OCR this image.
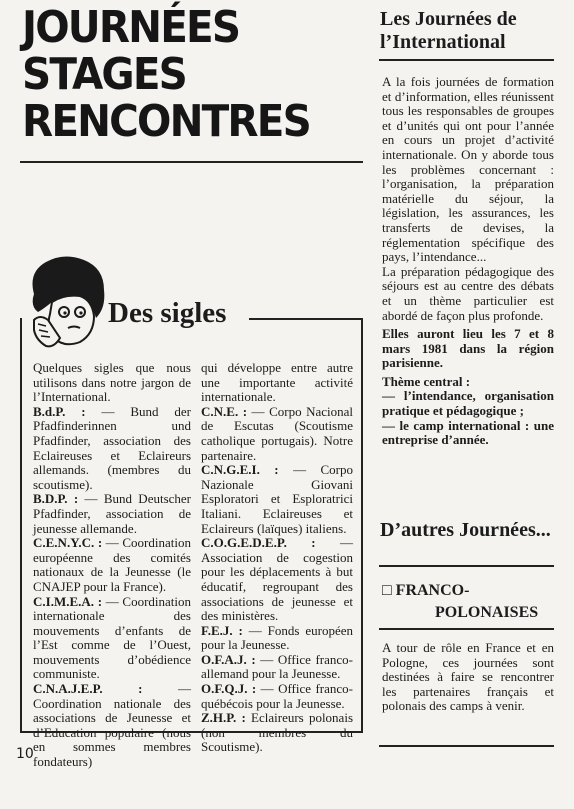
JOURNÉES
STAGES
RENCONTRES
Les Journées de l’International

A la fois journées de formation et d’information, elles réunissent tous les responsables de groupes et d’unités qui ont pour l’année en cours un projet d’activité internationale. On y aborde tous les problèmes concernant : l’organisation, la préparation matérielle du séjour, la législation, les assurances, les transferts de devises, la réglementation spécifique des pays, l’intendance...

La préparation pédagogique des séjours est au centre des débats et un thème particulier est abordé de façon plus profonde.

Elles auront lieu les 7 et 8 mars 1981 dans la région parisienne.

Thème central :

— l’intendance, organisation pratique et pédagogique ;

— le camp international : une entreprise d’année.

Des sigles

Quelques sigles que nous utilisons dans notre jargon de l’International.

B.d.P. : — Bund der Pfadfinderinnen und Pfadfinder, association des Eclaireuses et Eclaireurs allemands. (membres du scoutisme).

B.D.P. : — Bund Deutscher Pfadfinder, association de jeunesse allemande.

C.E.N.Y.C. : — Coordination européenne des comités nationaux de la Jeunesse (le CNAJEP pour la France).

C.I.M.E.A. : — Coordination internationale des mouvements d’enfants de l’Est comme de l’Ouest, mouvements d’obédience communiste.

C.N.A.J.E.P. : — Coordination nationale des associations de Jeunesse et d’Education populaire (nous en sommes membres fondateurs)

qui développe entre autre une importante activité internationale.

C.N.E. : — Corpo Nacional de Escutas (Scoutisme catholique portugais). Notre partenaire.

C.N.G.E.I. : — Corpo Nazionale Giovani Esploratori et Esploratrici Italiani. Eclaireuses et Eclaireurs (laïques) italiens.

C.O.G.E.D.E.P. : — Association de cogestion pour les déplacements à but éducatif, regroupant des associations de jeunesse et des ministères.

F.E.J. : — Fonds européen pour la Jeunesse.

O.F.A.J. : — Office franco-allemand pour la Jeunesse.

O.F.Q.J. : — Office franco-québécois pour la Jeunesse.

Z.H.P. : Eclaireurs polonais (non membres du Scoutisme).

10
D’autres Journées...
□ FRANCO-
POLONAISES
A tour de rôle en France et en Pologne, ces journées sont destinées à faire se rencontrer les partenaires français et polonais des camps à venir.
